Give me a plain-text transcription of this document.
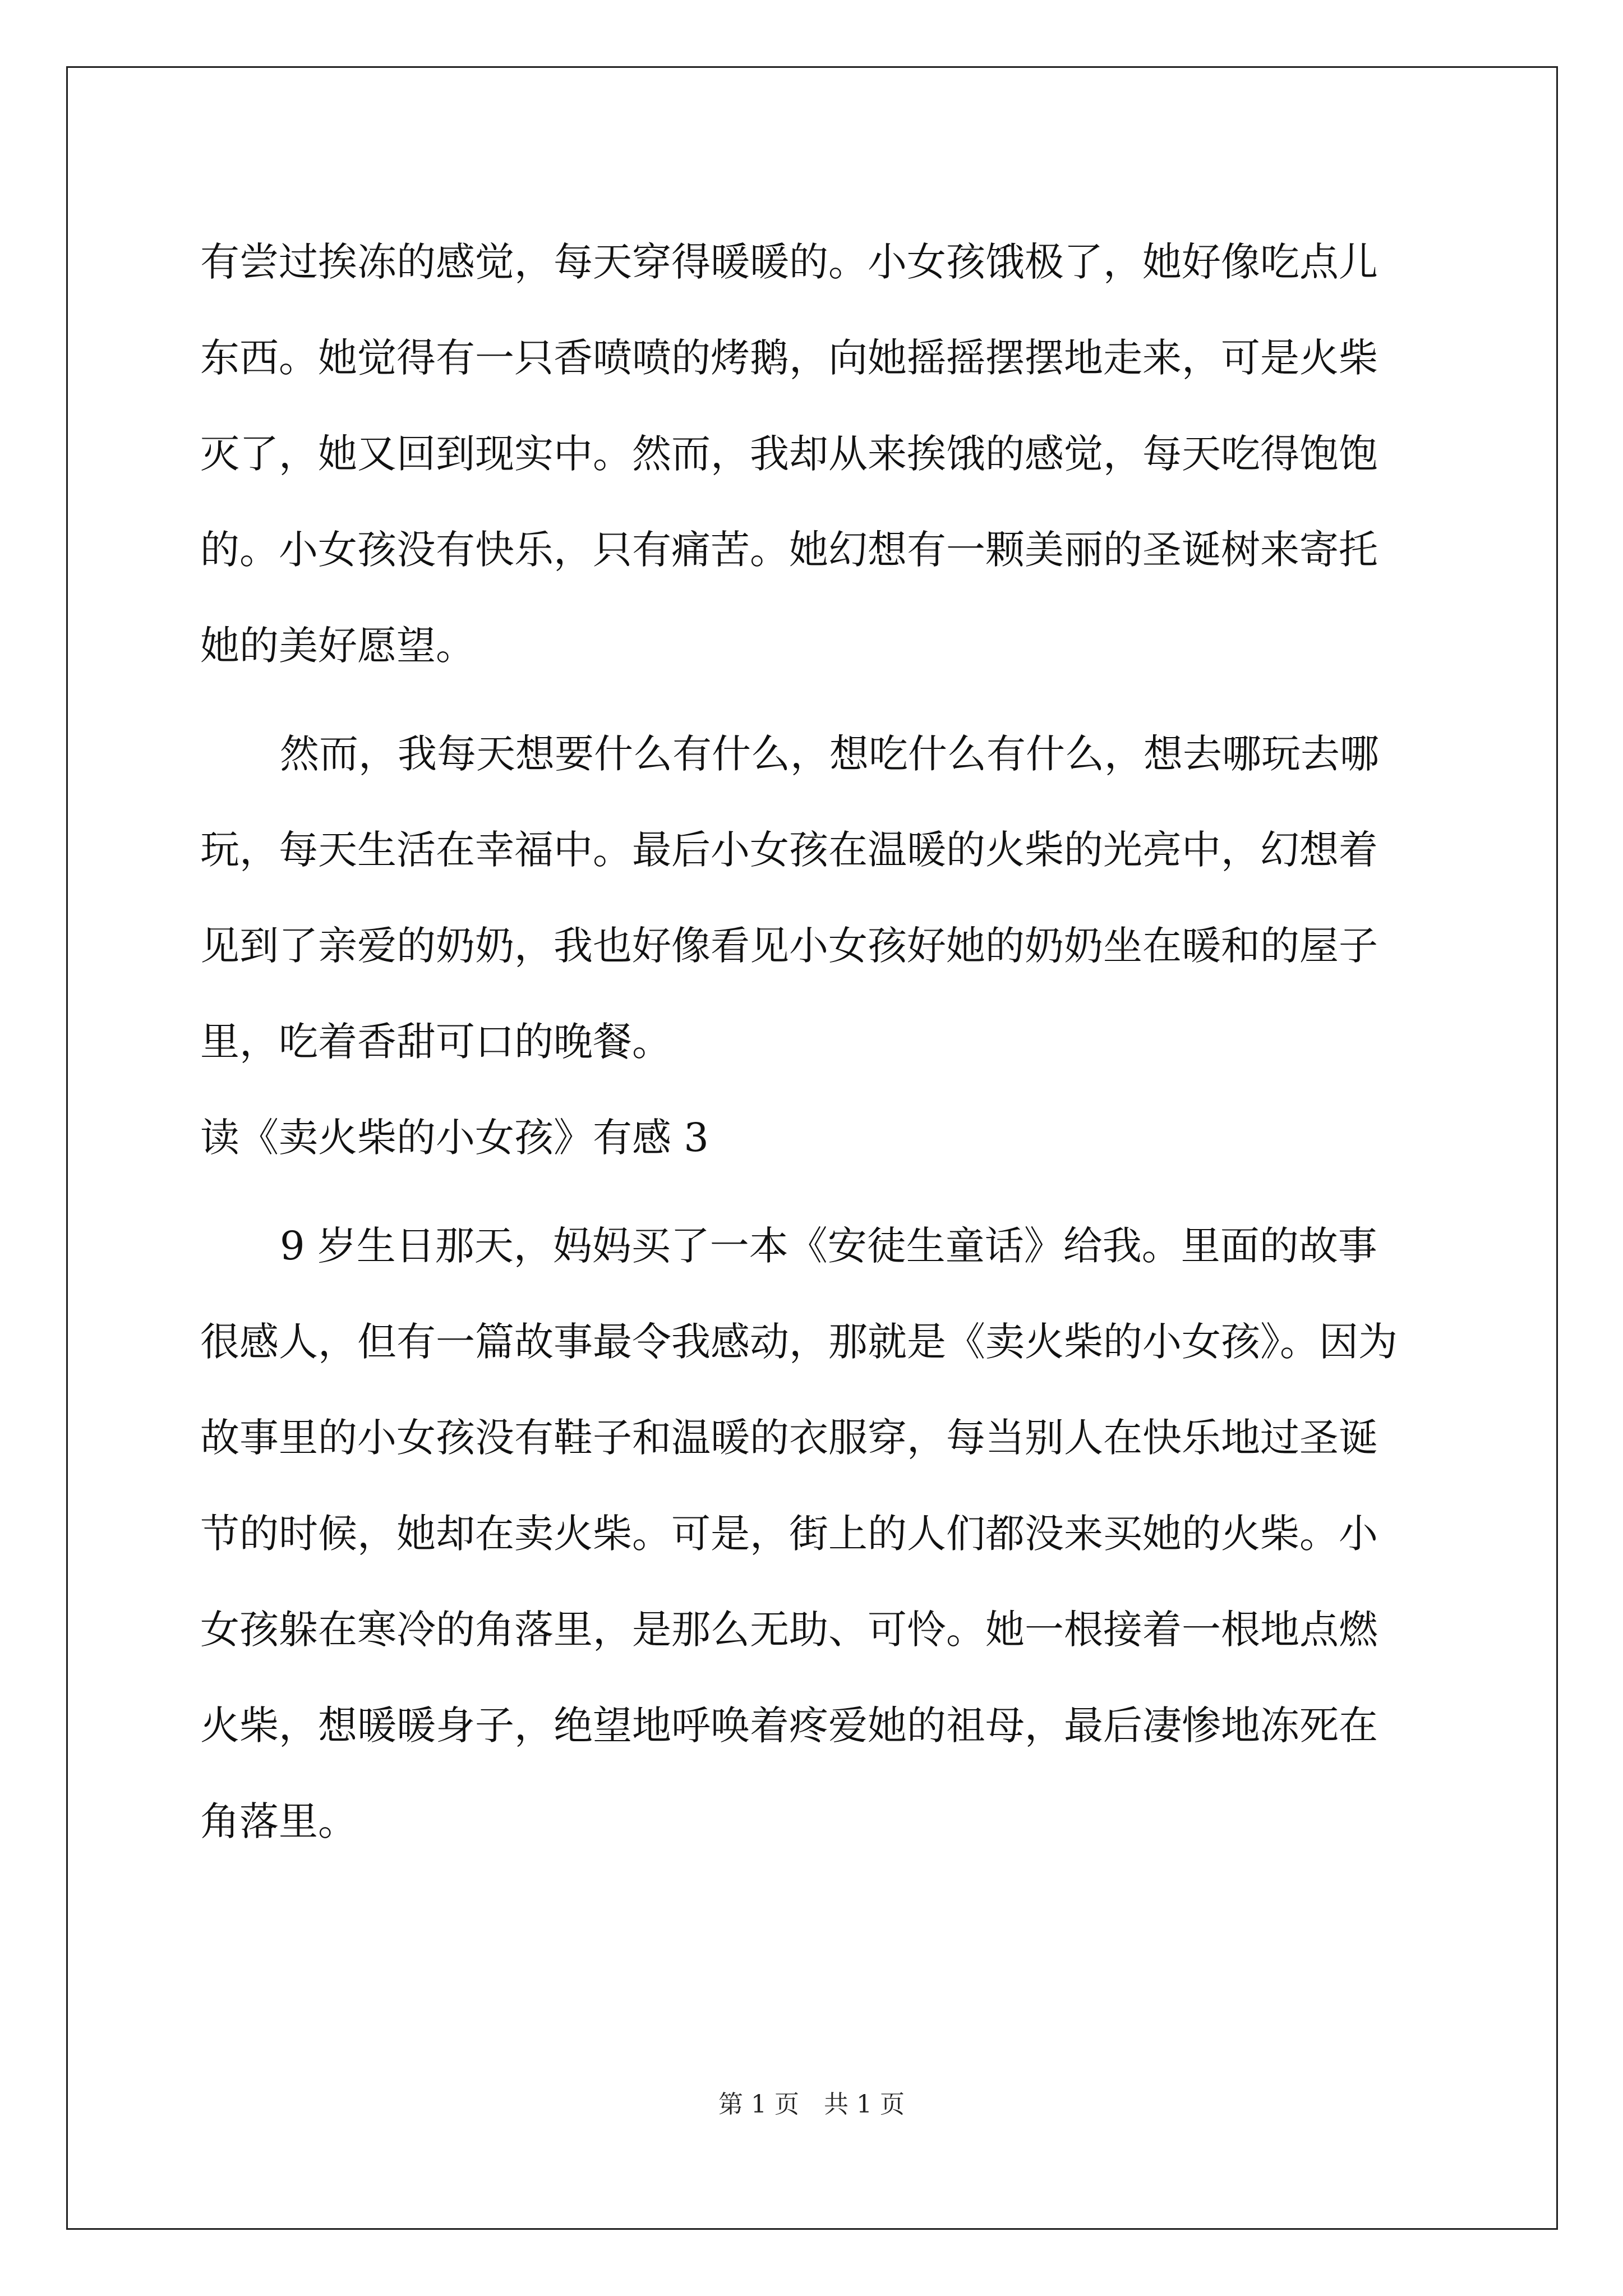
有尝过挨冻的感觉，每天穿得暖暖的。小女孩饿极了，她好像吃点儿
东西。她觉得有一只香喷喷的烤鹅，向她摇摇摆摆地走来，可是火柴
灭了，她又回到现实中。然而，我却从来挨饿的感觉，每天吃得饱饱
的。小女孩没有快乐，只有痛苦。她幻想有一颗美丽的圣诞树来寄托
她的美好愿望。
然而，我每天想要什么有什么，想吃什么有什么，想去哪玩去哪
玩，每天生活在幸福中。最后小女孩在温暖的火柴的光亮中，幻想着
见到了亲爱的奶奶，我也好像看见小女孩好她的奶奶坐在暖和的屋子
里，吃着香甜可口的晚餐。
读《卖火柴的小女孩》有感 3
9 岁生日那天，妈妈买了一本《安徒生童话》给我。里面的故事
很感人，但有一篇故事最令我感动，那就是《卖火柴的小女孩》。因为
故事里的小女孩没有鞋子和温暖的衣服穿，每当别人在快乐地过圣诞
节的时候，她却在卖火柴。可是，街上的人们都没来买她的火柴。小
女孩躲在寒冷的角落里，是那么无助、可怜。她一根接着一根地点燃
火柴，想暖暖身子，绝望地呼唤着疼爱她的祖母，最后凄惨地冻死在
角落里。
第 1 页　共 1 页
